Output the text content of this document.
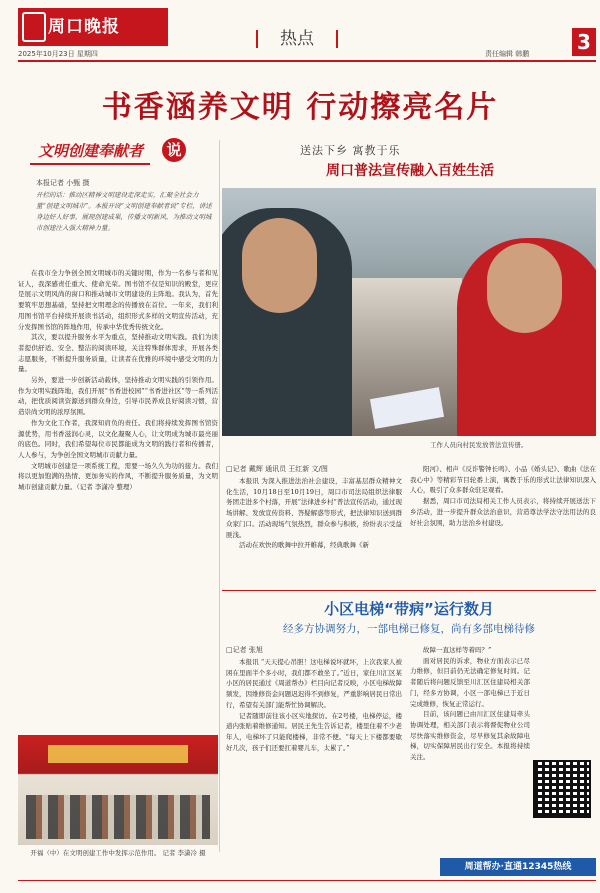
周口晚报
2025年10月23日 星期四
热点
责任编辑 韩鹏 3
书香涵养文明 行动擦亮名片
文明创建奉献者 说
本报记者 小甄 摄
开栏的话：推动区精神文明建设走深走实，汇聚全社会力量“创建文明城市”。本报开设“文明创建奉献者说”专栏，讲述身边好人好事，展现创建成果，传播文明新风，为推动文明城市创建注入强大精神力量。

在我市全力争创全国文明城市的关键时期，作为一名参与者和见证人，我深感责任重大、使命光荣。图书馆不仅是知识的殿堂，更应是展示文明风尚的窗口和推动城市文明建设的主阵地。我认为，首先要筑牢思想基础，坚持把文明理念的传播放在首位。一年来，我们利用图书馆平台持续开展读书活动，组织形式多样的文明宣传活动，充分发挥图书馆的阵地作用，传承中华优秀传统文化。

其次，要以提升服务水平为重点，坚持推动文明实践。我们为读者提供舒适、安全、整洁的阅读环境，关注特殊群体需求，开展各类志愿服务，不断提升服务质量，让读者在优雅的环境中感受文明的力量。

另外，要进一步创新活动载体，坚持推动文明实践的引领作用。作为文明实践阵地，我们开展“书香进校园”“书香进社区”等一系列活动，把优质阅读资源送到群众身边，引导市民养成良好阅读习惯，营造崇尚文明的浓厚氛围。

作为文化工作者，我深知肩负的责任。我们将持续发挥图书馆资源优势，用书香滋润心灵，以文化凝聚人心，让文明成为城市最亮丽的底色。同时，我们希望每位市民都能成为文明的践行者和传播者，人人参与，为争创全国文明城市贡献力量。

文明城市创建是一项系统工程，需要一场久久为功的接力。我们将以更加饱满的热情、更加务实的作风，不断提升服务质量，为文明城市创建贡献力量。（记者 李潇冷 整理）

开福（中）在文明创建工作中发挥示范作用。 记者 李潇冷 摄
送法下乡 寓教于乐
周口普法宣传融入百姓生活
工作人员向村民发放普法宣传册。
□记者 戴辉 通讯员 王红新 文/图

本报讯 为深入推进法治社会建设，丰富基层群众精神文化生活，10月18日至10月19日，周口市司法局组织法律服务团走进多个村落，开展“法律进乡村”普法宣传活动，通过现场讲解、发放宣传资料、答疑解惑等形式，把法律知识送到群众家门口。活动现场气氛热烈，群众参与积极，纷纷表示受益匪浅。

活动在欢快的歌舞中拉开帷幕，经典歌舞《新

阳河》、相声《反诈警钟长鸣》、小品《婚头记》、歌曲《法在我心中》等精彩节目轮番上演，寓教于乐的形式让法律知识深入人心，吸引了众多群众驻足观看。

据悉，周口市司法局相关工作人员表示，将持续开展送法下乡活动，进一步提升群众法治意识，营造尊法学法守法用法的良好社会氛围，助力法治乡村建设。

小区电梯“带病”运行数月
经多方协调努力，一部电梯已修复，尚有多部电梯待修
□记者 张旭

本报讯 “天天提心吊胆！这电梯说坏就坏，上次我家人被困在里面半个多小时，我们都不敢坐了。”近日，家住川汇区某小区的居民通过《周道帮办》栏目向记者反映，小区电梯故障频发，因维修资金问题迟迟得不到修复，严重影响居民日常出行，希望有关部门能帮忙协调解决。

记者随即前往该小区实地探访。在2号楼，电梯停运，楼道内张贴着维修通知。居民王先生告诉记者，楼里住着不少老年人，电梯坏了只能爬楼梯，非常不便。“每天上下楼都要歇好几次，孩子们还要扛着婴儿车，太累了。”

故障一直这样等着吗？”

面对居民的诉求，物业方面表示已尽力维修，但目前仍无法确定修复时间。记者随后将问题反馈至川汇区住建局相关部门，经多方协调，小区一部电梯已于近日完成维修，恢复正常运行。

目前，该问题已由川汇区住建局牵头协调处理，相关部门表示将督促物业公司尽快落实维修资金，尽早修复其余故障电梯，切实保障居民出行安全。本报将持续关注。

周道帮办·直通12345热线
